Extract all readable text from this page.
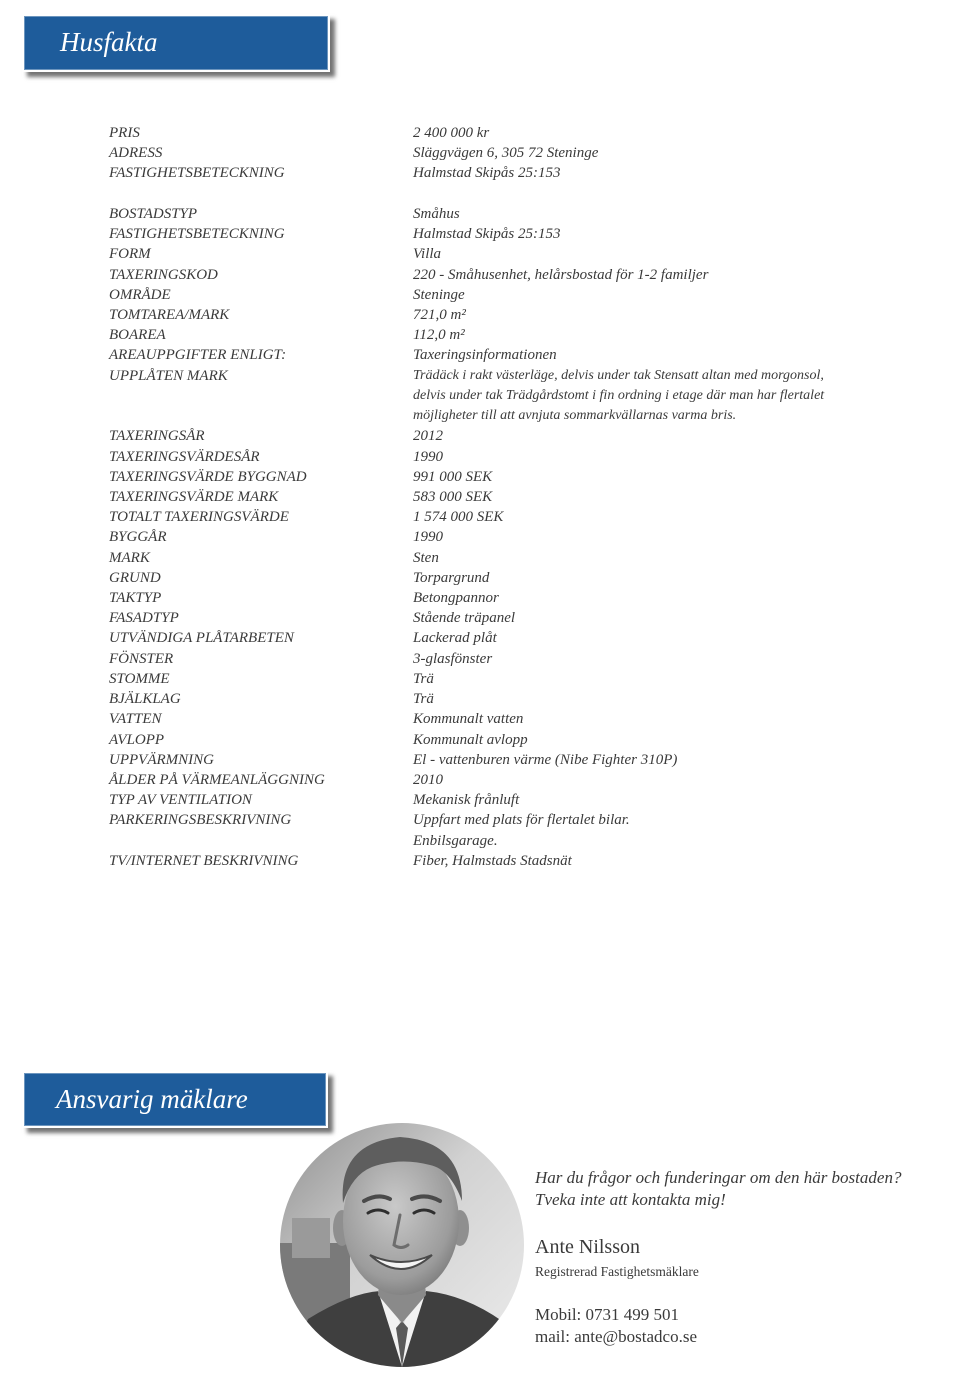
Husfakta
PRIS	2 400 000 kr
ADRESS	Släggvägen 6, 305 72 Steninge
FASTIGHETSBETECKNING	Halmstad Skipås 25:153
BOSTADSTYP	Småhus
FASTIGHETSBETECKNING	Halmstad Skipås 25:153
FORM	Villa
TAXERINGSKOD	220 - Småhusenhet, helårsbostad för 1-2 familjer
OMRÅDE	Steninge
TOMTAREA/MARK	721,0 m²
BOAREA	112,0 m²
AREAUPPGIFTER ENLIGT:	Taxeringsinformationen
UPPLÅTEN MARK	Trädäck i rakt västerläge, delvis under tak Stensatt altan med morgonsol,
delvis under tak Trädgårdstomt i fin ordning i etage där man har flertalet
möjligheter till att avnjuta sommarkvällarnas varma bris.
TAXERINGSÅR	2012
TAXERINGSVÄRDESÅR	1990
TAXERINGSVÄRDE BYGGNAD	991 000 SEK
TAXERINGSVÄRDE MARK	583 000 SEK
TOTALT TAXERINGSVÄRDE	1 574 000 SEK
BYGGÅR	1990
MARK	Sten
GRUND	Torpargrund
TAKTYP	Betongpannor
FASADTYP	Stående träpanel
UTVÄNDIGA PLÅTARBETEN	Lackerad plåt
FÖNSTER	3-glasfönster
STOMME	Trä
BJÄLKLAG	Trä
VATTEN	Kommunalt vatten
AVLOPP	Kommunalt avlopp
UPPVÄRMNING	El - vattenburen värme (Nibe Fighter 310P)
ÅLDER PÅ VÄRMEANLÄGGNING	2010
TYP AV VENTILATION	Mekanisk frånluft
PARKERINGSBESKRIVNING	Uppfart med plats för flertalet bilar.
Enbilsgarage.
TV/INTERNET BESKRIVNING	Fiber, Halmstads Stadsnät
Ansvarig mäklare
Har du frågor och funderingar om den här bostaden?
Tveka inte att kontakta mig!
Ante Nilsson
Registrerad Fastighetsmäklare
Mobil: 0731 499 501
mail: ante@bostadco.se
